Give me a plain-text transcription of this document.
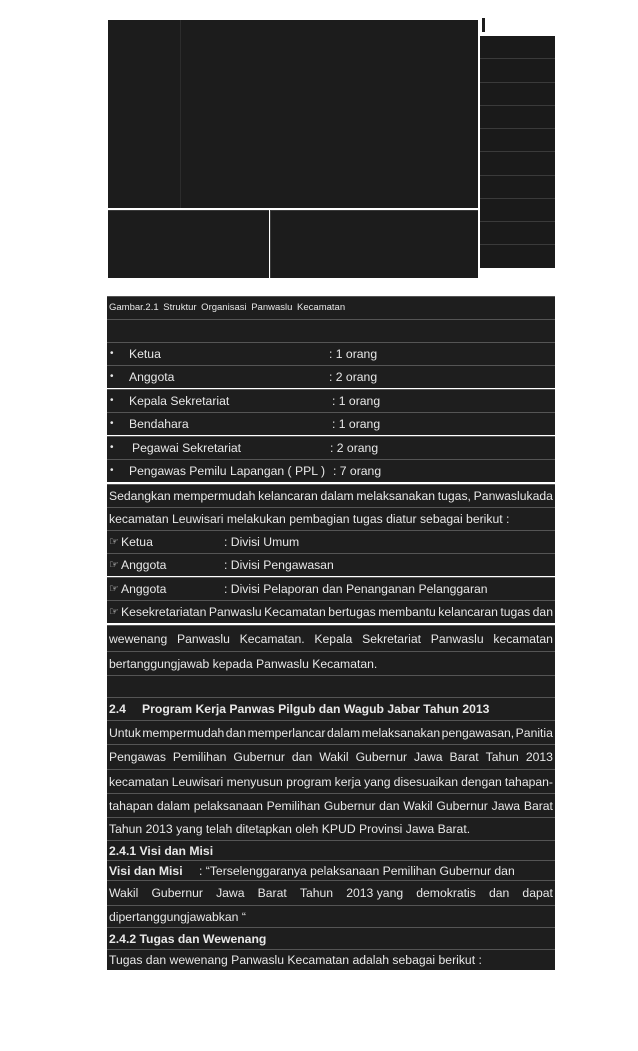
Gambar.2.1 Struktur Organisasi Panwaslu Kecamatan
• Ketua	: 1 orang
• Anggota	: 2 orang
• Kepala Sekretariat	: 1 orang
• Bendahara	: 1 orang
• Pegawai Sekretariat	: 2 orang
• Pengawas Pemilu Lapangan ( PPL ) : 7 orang
Sedangkan mempermudah kelancaran dalam melaksanakan tugas, Panwaslukada
kecamatan Leuwisari melakukan pembagian tugas diatur sebagai berikut :
☞ Ketua	: Divisi Umum
☞ Anggota	: Divisi Pengawasan
☞ Anggota	: Divisi Pelaporan dan Penanganan Pelanggaran
☞ Kesekretariatan Panwaslu Kecamatan bertugas membantu kelancaran tugas dan
wewenang Panwaslu Kecamatan. Kepala Sekretariat Panwaslu kecamatan
bertanggungjawab kepada Panwaslu Kecamatan.
2.4 Program Kerja Panwas Pilgub dan Wagub Jabar Tahun 2013
Untuk mempermudah dan memperlancar dalam melaksanakan pengawasan, Panitia
Pengawas Pemilihan Gubernur dan Wakil Gubernur Jawa Barat Tahun 2013
kecamatan Leuwisari menyusun program kerja yang disesuaikan dengan tahapan-
tahapan dalam pelaksanaan Pemilihan Gubernur dan Wakil Gubernur Jawa Barat
Tahun 2013 yang telah ditetapkan oleh KPUD Provinsi Jawa Barat.
2.4.1 Visi dan Misi
Visi dan Misi : “Terselenggaranya pelaksanaan Pemilihan Gubernur dan
Wakil Gubernur Jawa Barat Tahun 2013 yang demokratis dan dapat
dipertanggungjawabkan “
2.4.2 Tugas dan Wewenang
Tugas dan wewenang Panwaslu Kecamatan adalah sebagai berikut :
